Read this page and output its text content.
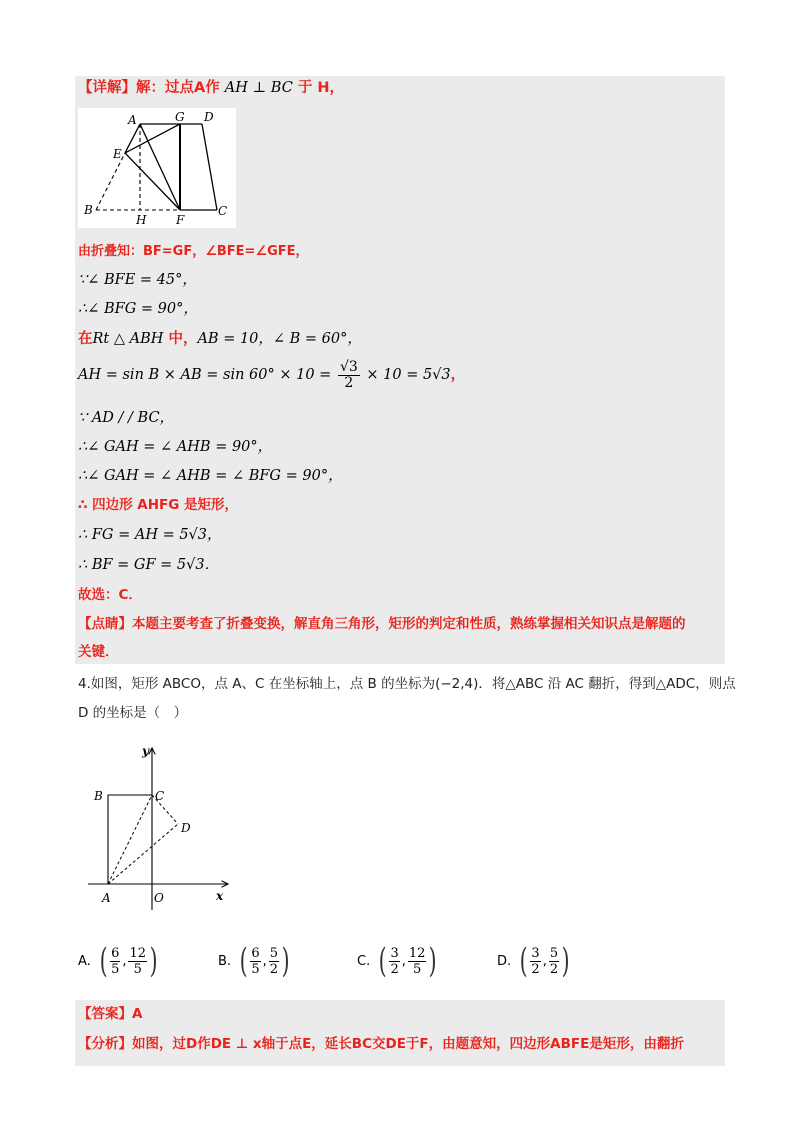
【详解】解：过点A作 AH ⊥ BC 于 H，
A	G D
E
B
H F
C
由折叠知：BF=GF，∠BFE=∠GFE，
∵∠ BFE = 45°，
∴∠ BFG = 90°，
在Rt △ ABH 中，AB = 10，∠ B = 60°，
AH = sin B × AB = $\sin 60^\circ \times 10 = \frac{√3}{2} \times 10 = 5√3$，
∵ AD / / BC，
∴∠ GAH = ∠ AHB = 90°，
∴∠ GAH = ∠ AHB = ∠ BFG = 90°，
∴ 四边形 AHFG 是矩形，
∴ FG = AH = 5√3，
∴ BF = GF = 5√3．
故选：C．
【点睛】本题主要考查了折叠变换，解直角三角形，矩形的判定和性质，熟练掌握相关知识点是解题的
关键．
4.如图，矩形 ABCO，点 A、C 在坐标轴上，点 B 的坐标为(−2,4)．将△ABC 沿 AC 翻折，得到△ADC，则点
D 的坐标是（　）
y
x
B	C
D
A	O
A. ( 6
5
,
12
5 )	B. ( 6
5
,
5
2 )	C. ( 3
2
,
12
5 )	D. ( 3
2
,
5
2 )
【答案】A
【分析】如图，过D作DE ⊥ x轴于点E，延长BC交DE于F，由题意知，四边形ABFE是矩形，由翻折
